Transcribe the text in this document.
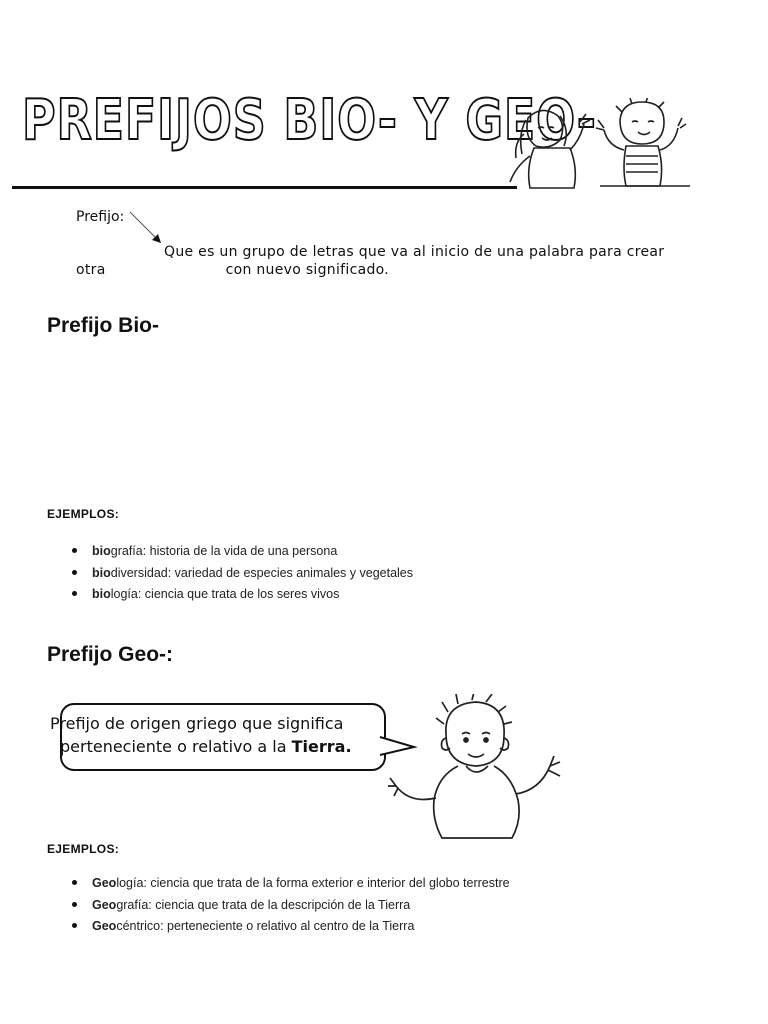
PREFIJOS BIO- Y GEO-
Prefijo:
Que es un grupo de letras que va al inicio de una palabra para crear
otra	con nuevo significado.
Prefijo Bio-
EJEMPLOS:
biografía: historia de la vida de una persona
biodiversidad: variedad de especies animales y vegetales
biología: ciencia que trata de los seres vivos
Prefijo Geo-:
Prefijo de origen griego que significa
perteneciente o relativo a la Tierra.
EJEMPLOS:
Geología: ciencia que trata de la forma exterior e interior del globo terrestre
Geografía: ciencia que trata de la descripción de la Tierra
Geocéntrico: perteneciente o relativo al centro de la Tierra
